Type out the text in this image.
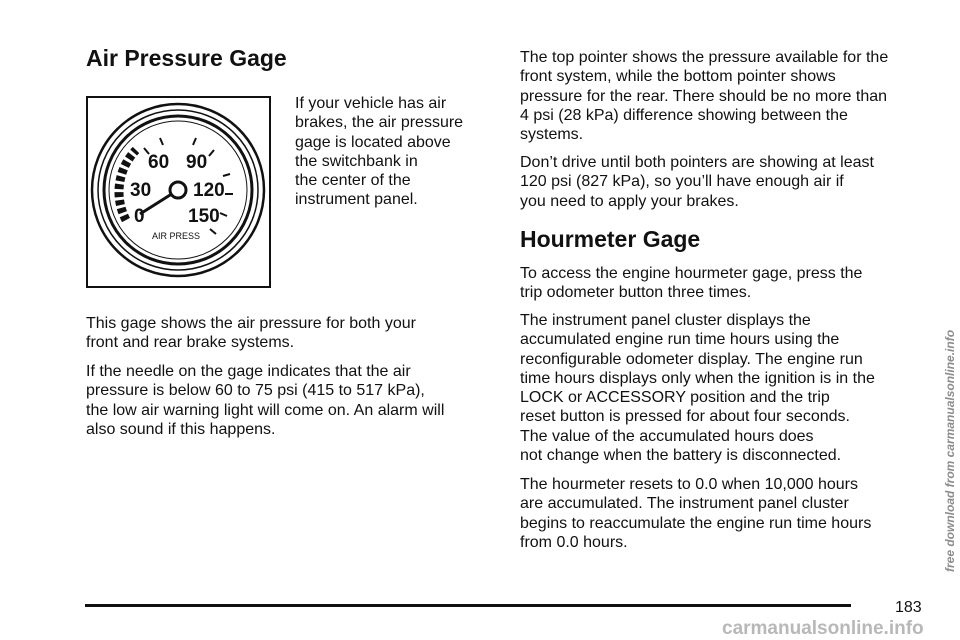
Air Pressure Gage
0
30
60 90
120
150
AIR PRESS

If your vehicle has air
brakes, the air pressure
gage is located above
the switchbank in
the center of the
instrument panel.

This gage shows the air pressure for both your
front and rear brake systems.

If the needle on the gage indicates that the air
pressure is below 60 to 75 psi (415 to 517 kPa),
the low air warning light will come on. An alarm will
also sound if this happens.

The top pointer shows the pressure available for the
front system, while the bottom pointer shows
pressure for the rear. There should be no more than
4 psi (28 kPa) difference showing between the
systems.

Don’t drive until both pointers are showing at least
120 psi (827 kPa), so you’ll have enough air if
you need to apply your brakes.

Hourmeter Gage

To access the engine hourmeter gage, press the
trip odometer button three times.

The instrument panel cluster displays the
accumulated engine run time hours using the
reconfigurable odometer display. The engine run
time hours displays only when the ignition is in the
LOCK or ACCESSORY position and the trip
reset button is pressed for about four seconds.
The value of the accumulated hours does
not change when the battery is disconnected.

The hourmeter resets to 0.0 when 10,000 hours
are accumulated. The instrument panel cluster
begins to reaccumulate the engine run time hours
from 0.0 hours.

183
free download from carmanualsonline.info
carmanualsonline.info
